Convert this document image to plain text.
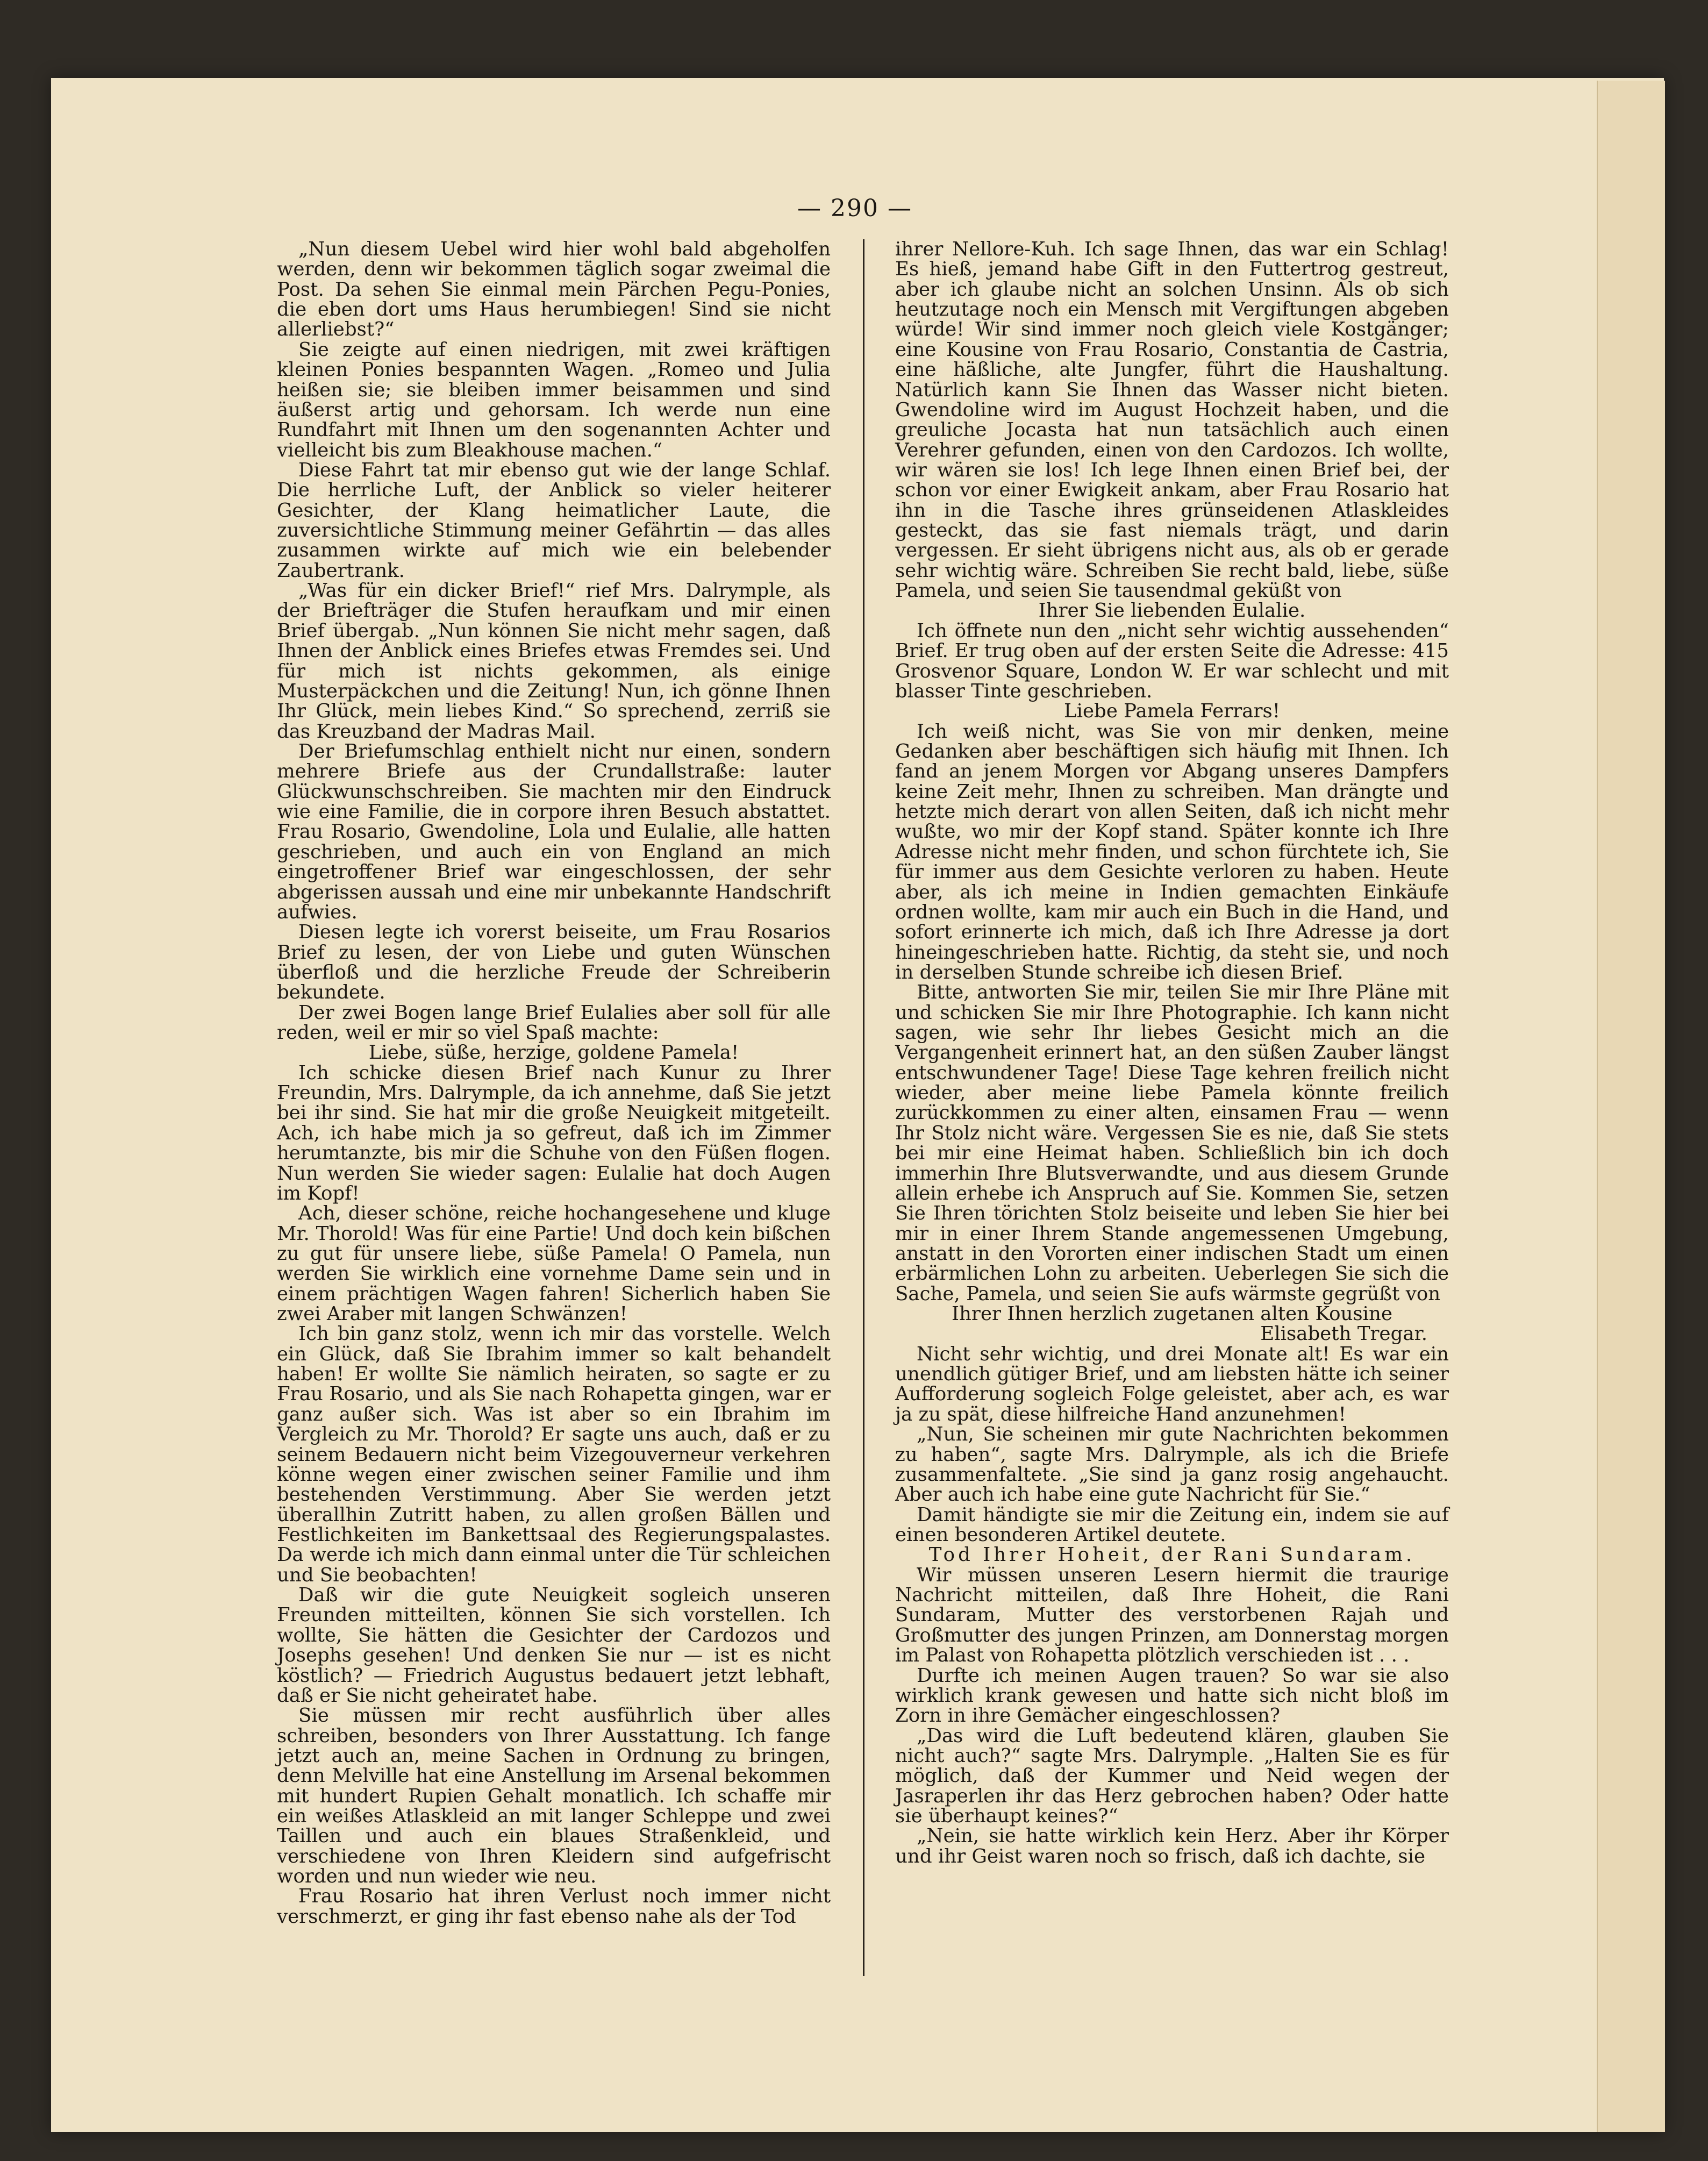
— 290 —

„Nun diesem Uebel wird hier wohl bald abgeholfen werden, denn wir bekommen täglich sogar zweimal die Post. Da sehen Sie einmal mein Pärchen Pegu-Ponies, die eben dort ums Haus herumbiegen! Sind sie nicht allerliebst?“

Sie zeigte auf einen niedrigen, mit zwei kräftigen kleinen Ponies bespannten Wagen. „Romeo und Julia heißen sie; sie bleiben immer beisammen und sind äußerst artig und gehorsam. Ich werde nun eine Rundfahrt mit Ihnen um den sogenannten Achter und vielleicht bis zum Bleakhouse machen.“

Diese Fahrt tat mir ebenso gut wie der lange Schlaf. Die herrliche Luft, der Anblick so vieler heiterer Gesichter, der Klang heimatlicher Laute, die zuversichtliche Stimmung meiner Gefährtin — das alles zusammen wirkte auf mich wie ein belebender Zaubertrank.

„Was für ein dicker Brief!“ rief Mrs. Dalrymple, als der Briefträger die Stufen heraufkam und mir einen Brief übergab. „Nun können Sie nicht mehr sagen, daß Ihnen der Anblick eines Briefes etwas Fremdes sei. Und für mich ist nichts gekommen, als einige Musterpäckchen und die Zeitung! Nun, ich gönne Ihnen Ihr Glück, mein liebes Kind.“ So sprechend, zerriß sie das Kreuzband der Madras Mail.

Der Briefumschlag enthielt nicht nur einen, sondern mehrere Briefe aus der Crundallstraße: lauter Glückwunschschreiben. Sie machten mir den Eindruck wie eine Familie, die in corpore ihren Besuch abstattet. Frau Rosario, Gwendoline, Lola und Eulalie, alle hatten geschrieben, und auch ein von England an mich eingetroffener Brief war eingeschlossen, der sehr abgerissen aussah und eine mir unbekannte Handschrift aufwies.

Diesen legte ich vorerst beiseite, um Frau Rosarios Brief zu lesen, der von Liebe und guten Wünschen überfloß und die herzliche Freude der Schreiberin bekundete.

Der zwei Bogen lange Brief Eulalies aber soll für alle reden, weil er mir so viel Spaß machte:

Liebe, süße, herzige, goldene Pamela!

Ich schicke diesen Brief nach Kunur zu Ihrer Freundin, Mrs. Dalrymple, da ich annehme, daß Sie jetzt bei ihr sind. Sie hat mir die große Neuigkeit mitgeteilt. Ach, ich habe mich ja so gefreut, daß ich im Zimmer herumtanzte, bis mir die Schuhe von den Füßen flogen. Nun werden Sie wieder sagen: Eulalie hat doch Augen im Kopf!

Ach, dieser schöne, reiche hochangesehene und kluge Mr. Thorold! Was für eine Partie! Und doch kein bißchen zu gut für unsere liebe, süße Pamela! O Pamela, nun werden Sie wirklich eine vornehme Dame sein und in einem prächtigen Wagen fahren! Sicherlich haben Sie zwei Araber mit langen Schwänzen!

Ich bin ganz stolz, wenn ich mir das vorstelle. Welch ein Glück, daß Sie Ibrahim immer so kalt behandelt haben! Er wollte Sie nämlich heiraten, so sagte er zu Frau Rosario, und als Sie nach Rohapetta gingen, war er ganz außer sich. Was ist aber so ein Ibrahim im Vergleich zu Mr. Thorold? Er sagte uns auch, daß er zu seinem Bedauern nicht beim Vizegouverneur verkehren könne wegen einer zwischen seiner Familie und ihm bestehenden Verstimmung. Aber Sie werden jetzt überallhin Zutritt haben, zu allen großen Bällen und Festlichkeiten im Bankettsaal des Regierungspalastes. Da werde ich mich dann einmal unter die Tür schleichen und Sie beobachten!

Daß wir die gute Neuigkeit sogleich unseren Freunden mitteilten, können Sie sich vorstellen. Ich wollte, Sie hätten die Gesichter der Cardozos und Josephs gesehen! Und denken Sie nur — ist es nicht köstlich? — Friedrich Augustus bedauert jetzt lebhaft, daß er Sie nicht geheiratet habe.

Sie müssen mir recht ausführlich über alles schreiben, besonders von Ihrer Ausstattung. Ich fange jetzt auch an, meine Sachen in Ordnung zu bringen, denn Melville hat eine Anstellung im Arsenal bekommen mit hundert Rupien Gehalt monatlich. Ich schaffe mir ein weißes Atlaskleid an mit langer Schleppe und zwei Taillen und auch ein blaues Straßenkleid, und verschiedene von Ihren Kleidern sind aufgefrischt worden und nun wieder wie neu.

Frau Rosario hat ihren Verlust noch immer nicht verschmerzt, er ging ihr fast ebenso nahe als der Tod

ihrer Nellore-Kuh. Ich sage Ihnen, das war ein Schlag! Es hieß, jemand habe Gift in den Futtertrog gestreut, aber ich glaube nicht an solchen Unsinn. Als ob sich heutzutage noch ein Mensch mit Vergiftungen abgeben würde! Wir sind immer noch gleich viele Kostgänger; eine Kousine von Frau Rosario, Constantia de Castria, eine häßliche, alte Jungfer, führt die Haushaltung. Natürlich kann Sie Ihnen das Wasser nicht bieten. Gwendoline wird im August Hochzeit haben, und die greuliche Jocasta hat nun tatsächlich auch einen Verehrer gefunden, einen von den Cardozos. Ich wollte, wir wären sie los! Ich lege Ihnen einen Brief bei, der schon vor einer Ewigkeit ankam, aber Frau Rosario hat ihn in die Tasche ihres grünseidenen Atlaskleides gesteckt, das sie fast niemals trägt, und darin vergessen. Er sieht übrigens nicht aus, als ob er gerade sehr wichtig wäre. Schreiben Sie recht bald, liebe, süße Pamela, und seien Sie tausendmal geküßt von

Ihrer Sie liebenden Eulalie.

Ich öffnete nun den „nicht sehr wichtig aussehenden“ Brief. Er trug oben auf der ersten Seite die Adresse: 415 Grosvenor Square, London W. Er war schlecht und mit blasser Tinte geschrieben.

Liebe Pamela Ferrars!

Ich weiß nicht, was Sie von mir denken, meine Gedanken aber beschäftigen sich häufig mit Ihnen. Ich fand an jenem Morgen vor Abgang unseres Dampfers keine Zeit mehr, Ihnen zu schreiben. Man drängte und hetzte mich derart von allen Seiten, daß ich nicht mehr wußte, wo mir der Kopf stand. Später konnte ich Ihre Adresse nicht mehr finden, und schon fürchtete ich, Sie für immer aus dem Gesichte verloren zu haben. Heute aber, als ich meine in Indien gemachten Einkäufe ordnen wollte, kam mir auch ein Buch in die Hand, und sofort erinnerte ich mich, daß ich Ihre Adresse ja dort hineingeschrieben hatte. Richtig, da steht sie, und noch in derselben Stunde schreibe ich diesen Brief.

Bitte, antworten Sie mir, teilen Sie mir Ihre Pläne mit und schicken Sie mir Ihre Photographie. Ich kann nicht sagen, wie sehr Ihr liebes Gesicht mich an die Vergangenheit erinnert hat, an den süßen Zauber längst entschwundener Tage! Diese Tage kehren freilich nicht wieder, aber meine liebe Pamela könnte freilich zurückkommen zu einer alten, einsamen Frau — wenn Ihr Stolz nicht wäre. Vergessen Sie es nie, daß Sie stets bei mir eine Heimat haben. Schließlich bin ich doch immerhin Ihre Blutsverwandte, und aus diesem Grunde allein erhebe ich Anspruch auf Sie. Kommen Sie, setzen Sie Ihren törichten Stolz beiseite und leben Sie hier bei mir in einer Ihrem Stande angemessenen Umgebung, anstatt in den Vororten einer indischen Stadt um einen erbärmlichen Lohn zu arbeiten. Ueberlegen Sie sich die Sache, Pamela, und seien Sie aufs wärmste gegrüßt von

Ihrer Ihnen herzlich zugetanen alten Kousine

Elisabeth Tregar.

Nicht sehr wichtig, und drei Monate alt! Es war ein unendlich gütiger Brief, und am liebsten hätte ich seiner Aufforderung sogleich Folge geleistet, aber ach, es war ja zu spät, diese hilfreiche Hand anzunehmen!

„Nun, Sie scheinen mir gute Nachrichten bekommen zu haben“, sagte Mrs. Dalrymple, als ich die Briefe zusammenfaltete. „Sie sind ja ganz rosig angehaucht. Aber auch ich habe eine gute Nachricht für Sie.“

Damit händigte sie mir die Zeitung ein, indem sie auf einen besonderen Artikel deutete.

Tod Ihrer Hoheit, der Rani Sundaram.

Wir müssen unseren Lesern hiermit die traurige Nachricht mitteilen, daß Ihre Hoheit, die Rani Sundaram, Mutter des verstorbenen Rajah und Großmutter des jungen Prinzen, am Donnerstag morgen im Palast von Rohapetta plötzlich verschieden ist . . .

Durfte ich meinen Augen trauen? So war sie also wirklich krank gewesen und hatte sich nicht bloß im Zorn in ihre Gemächer eingeschlossen?

„Das wird die Luft bedeutend klären, glauben Sie nicht auch?“ sagte Mrs. Dalrymple. „Halten Sie es für möglich, daß der Kummer und Neid wegen der Jasraperlen ihr das Herz gebrochen haben? Oder hatte sie überhaupt keines?“

„Nein, sie hatte wirklich kein Herz. Aber ihr Körper und ihr Geist waren noch so frisch, daß ich dachte, sie
